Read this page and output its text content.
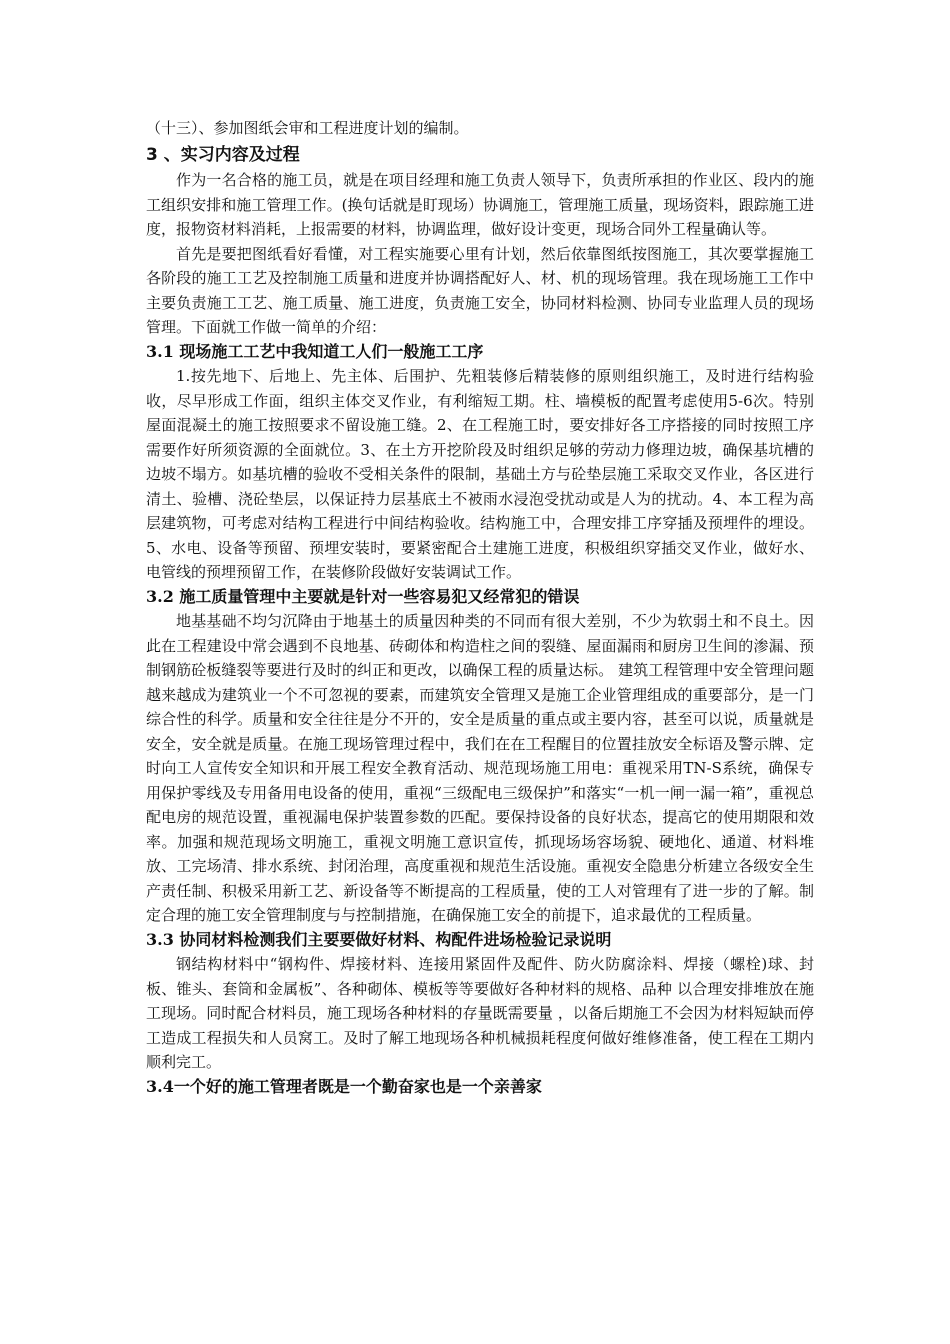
（十三）、参加图纸会审和工程进度计划的编制。

3 、实习内容及过程

作为一名合格的施工员，就是在项目经理和施工负责人领导下，负责所承担的作业区、段内的施工组织安排和施工管理工作。(换句话就是盯现场）协调施工，管理施工质量，现场资料，跟踪施工进度，报物资材料消耗，上报需要的材料，协调监理，做好设计变更，现场合同外工程量确认等。

首先是要把图纸看好看懂，对工程实施要心里有计划，然后依靠图纸按图施工，其次要掌握施工各阶段的施工工艺及控制施工质量和进度并协调搭配好人、材、机的现场管理。我在现场施工工作中主要负责施工工艺、施工质量、施工进度，负责施工安全，协同材料检测、协同专业监理人员的现场管理。下面就工作做一简单的介绍：

3.1 现场施工工艺中我知道工人们一般施工工序

1.按先地下、后地上、先主体、后围护、先粗装修后精装修的原则组织施工，及时进行结构验收，尽早形成工作面，组织主体交叉作业，有利缩短工期。柱、墙模板的配置考虑使用5-6次。特别屋面混凝土的施工按照要求不留设施工缝。2、在工程施工时，要安排好各工序搭接的同时按照工序需要作好所须资源的全面就位。3、在土方开挖阶段及时组织足够的劳动力修理边坡，确保基坑槽的边坡不塌方。如基坑槽的验收不受相关条件的限制，基础土方与砼垫层施工采取交叉作业，各区进行清土、验槽、浇砼垫层，以保证持力层基底土不被雨水浸泡受扰动或是人为的扰动。4、本工程为高层建筑物，可考虑对结构工程进行中间结构验收。结构施工中，合理安排工序穿插及预埋件的埋设。5、水电、设备等预留、预埋安装时，要紧密配合土建施工进度，积极组织穿插交叉作业，做好水、电管线的预埋预留工作，在装修阶段做好安装调试工作。

3.2 施工质量管理中主要就是针对一些容易犯又经常犯的错误

地基基础不均匀沉降由于地基土的质量因种类的不同而有很大差别，不少为软弱土和不良土。因此在工程建设中常会遇到不良地基、砖砌体和构造柱之间的裂缝、屋面漏雨和厨房卫生间的渗漏、预制钢筋砼板缝裂等要进行及时的纠正和更改，以确保工程的质量达标。 建筑工程管理中安全管理问题越来越成为建筑业一个不可忽视的要素，而建筑安全管理又是施工企业管理组成的重要部分，是一门综合性的科学。质量和安全往往是分不开的，安全是质量的重点或主要内容，甚至可以说，质量就是安全，安全就是质量。在施工现场管理过程中，我们在在工程醒目的位置挂放安全标语及警示牌、定时向工人宣传安全知识和开展工程安全教育活动、规范现场施工用电：重视采用TN-S系统，确保专用保护零线及专用备用电设备的使用，重视“三级配电三级保护”和落实“一机一闸一漏一箱”，重视总配电房的规范设置，重视漏电保护装置参数的匹配。要保持设备的良好状态，提高它的使用期限和效率。加强和规范现场文明施工，重视文明施工意识宣传，抓现场场容场貌、硬地化、通道、材料堆放、工完场清、排水系统、封闭治理，高度重视和规范生活设施。重视安全隐患分析建立各级安全生产责任制、积极采用新工艺、新设备等不断提高的工程质量，使的工人对管理有了进一步的了解。制定合理的施工安全管理制度与与控制措施，在确保施工安全的前提下，追求最优的工程质量。

3.3 协同材料检测我们主要要做好材料、构配件进场检验记录说明

钢结构材料中“钢构件、焊接材料、连接用紧固件及配件、防火防腐涂料、焊接（螺栓)球、封板、锥头、套筒和金属板”、各种砌体、模板等等要做好各种材料的规格、品种 以合理安排堆放在施工现场。同时配合材料员，施工现场各种材料的存量既需要量 ，以备后期施工不会因为材料短缺而停工造成工程损失和人员窝工。及时了解工地现场各种机械损耗程度何做好维修准备，使工程在工期内顺利完工。

3.4一个好的施工管理者既是一个勤奋家也是一个亲善家
